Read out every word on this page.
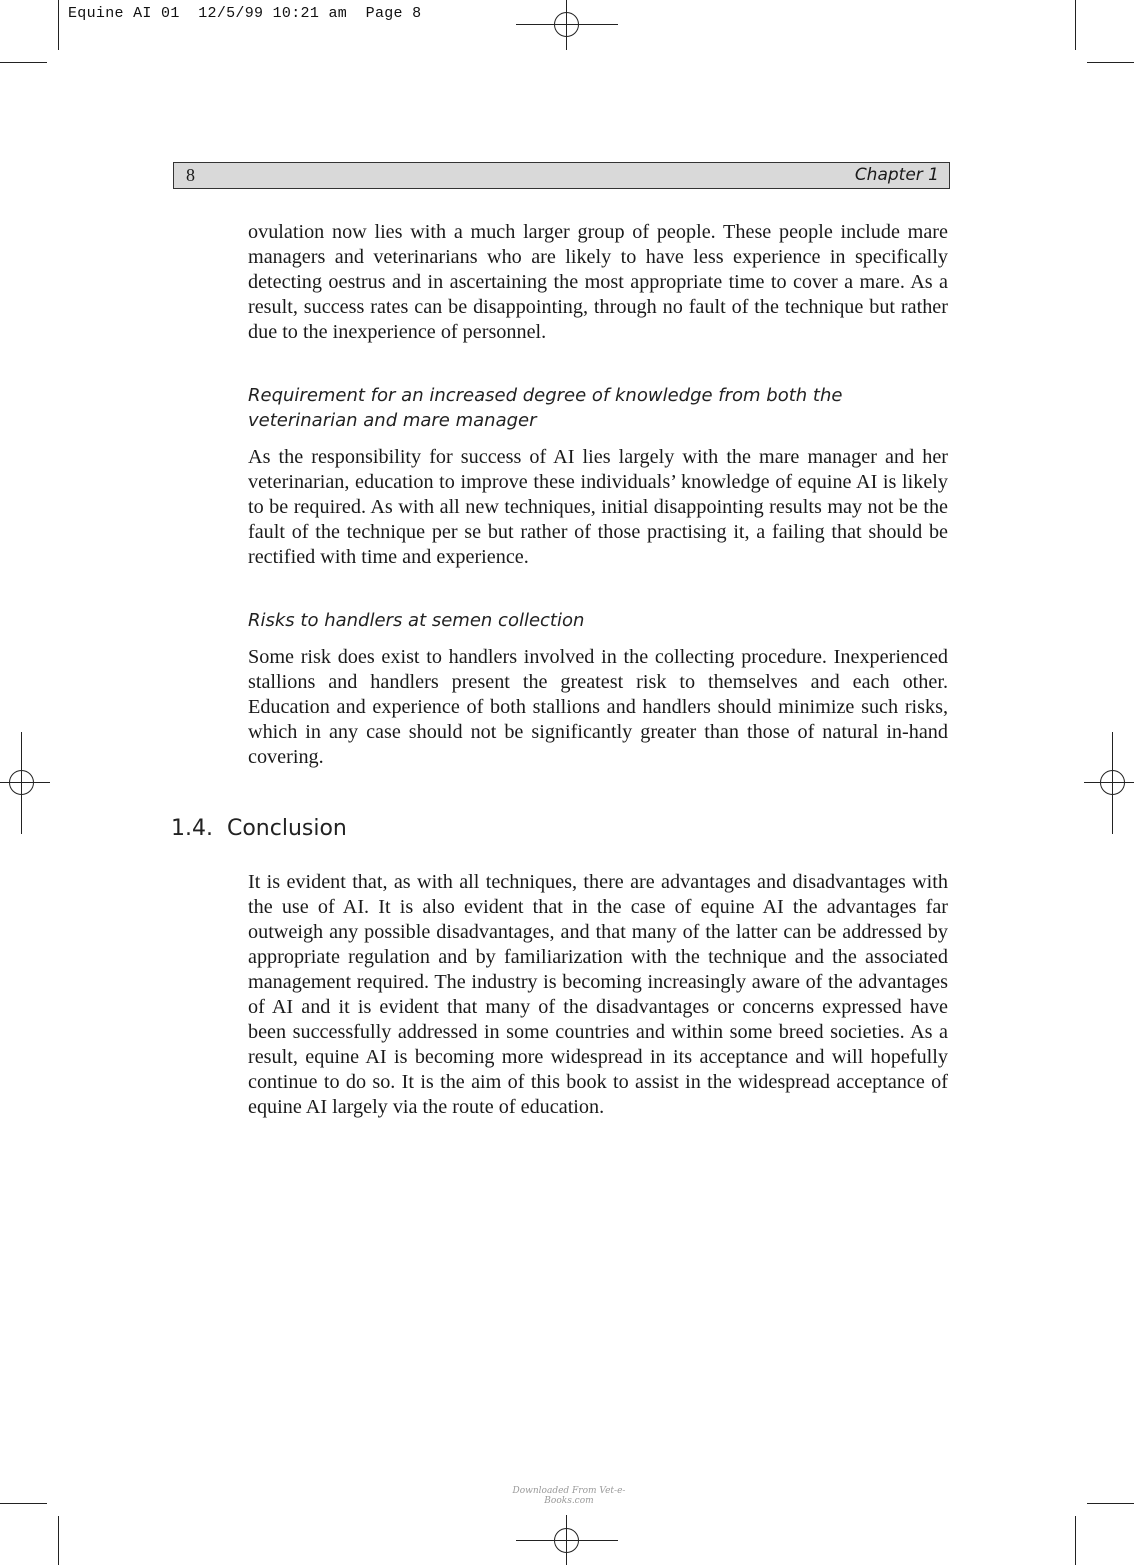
Equine AI 01  12/5/99 10:21 am  Page 8
8	Chapter 1

ovulation now lies with a much larger group of people. These people include mare managers and veterinarians who are likely to have less experience in specifically detecting oestrus and in ascertaining the most appropriate time to cover a mare. As a result, success rates can be disappointing, through no fault of the technique but rather due to the inexperience of personnel.

Requirement for an increased degree of knowledge from both the veterinarian and mare manager

As the responsibility for success of AI lies largely with the mare manager and her veterinarian, education to improve these individuals’ knowledge of equine AI is likely to be required. As with all new techniques, initial disappointing results may not be the fault of the technique per se but rather of those practising it, a failing that should be rectified with time and experience.

Risks to handlers at semen collection

Some risk does exist to handlers involved in the collecting procedure. Inexperienced stallions and handlers present the greatest risk to themselves and each other. Education and experience of both stallions and handlers should minimize such risks, which in any case should not be significantly greater than those of natural in-hand covering.

1.4. Conclusion

It is evident that, as with all techniques, there are advantages and disadvantages with the use of AI. It is also evident that in the case of equine AI the advantages far outweigh any possible disadvantages, and that many of the latter can be addressed by appropriate regulation and by familiarization with the technique and the associated management required. The industry is becoming increasingly aware of the advantages of AI and it is evident that many of the disadvantages or concerns expressed have been successfully addressed in some countries and within some breed societies. As a result, equine AI is becoming more widespread in its acceptance and will hopefully continue to do so. It is the aim of this book to assist in the widespread acceptance of equine AI largely via the route of education.

Downloaded From Vet-e-Books.com
